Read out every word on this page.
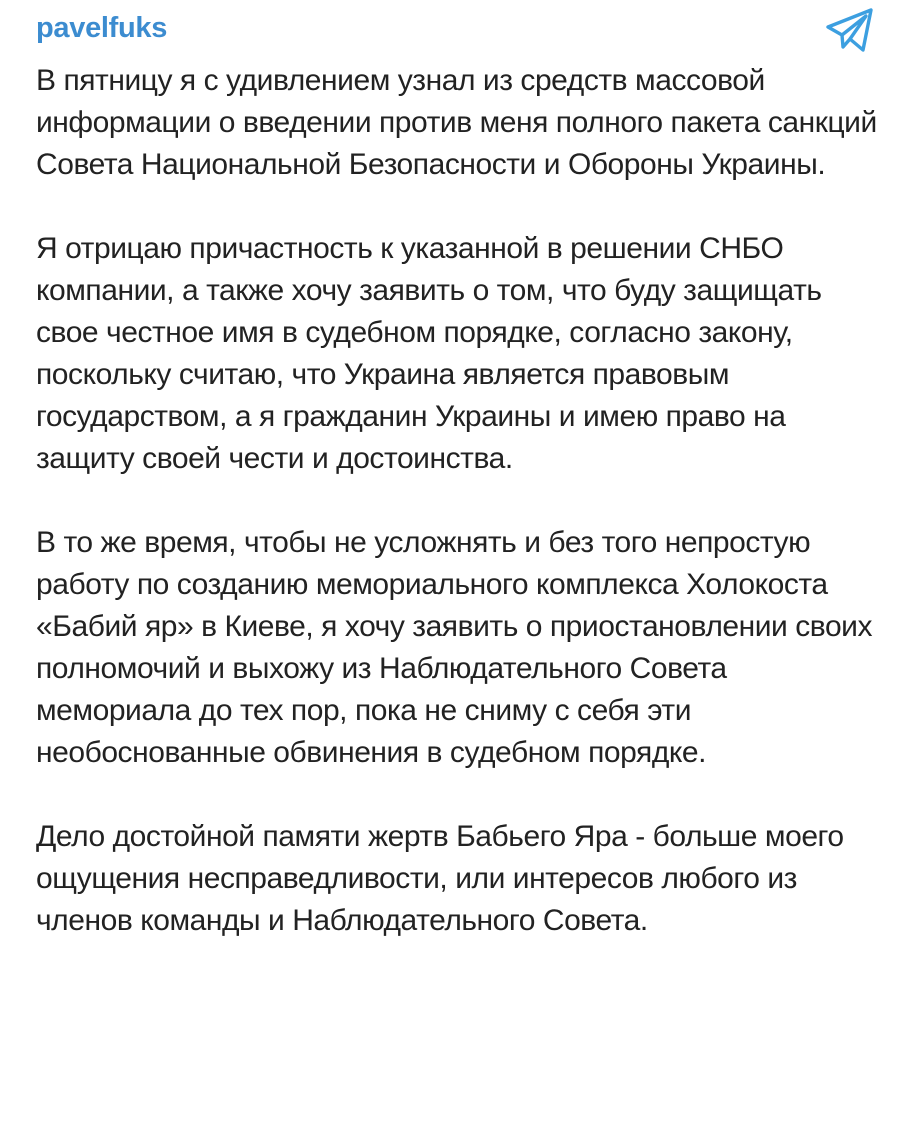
pavelfuks

В пятницу я с удивлением узнал из средств массовой информации о введении против меня полного пакета санкций Совета Национальной Безопасности и Обороны Украины.

Я отрицаю причастность к указанной в решении СНБО компании, а также хочу заявить о том, что буду защищать свое честное имя в судебном порядке, согласно закону, поскольку считаю, что Украина является правовым государством, а я гражданин Украины и имею право на защиту своей чести и достоинства.

В то же время, чтобы не усложнять и без того непростую работу по созданию мемориального комплекса Холокоста «Бабий яр» в Киеве, я хочу заявить о приостановлении своих полномочий и выхожу из Наблюдательного Совета мемориала до тех пор, пока не сниму с себя эти необоснованные обвинения в судебном порядке.

Дело достойной памяти жертв Бабьего Яра - больше моего ощущения несправедливости, или интересов любого из членов команды и Наблюдательного Совета.
